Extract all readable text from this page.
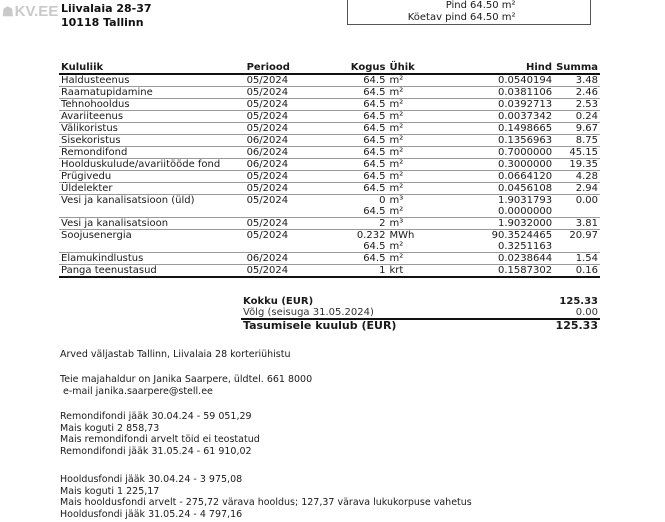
☗KV.EE Liivalaia 28-37
10118 Tallinn
Pind 64.50 m²
Köetav pind 64.50 m²
Kululiik	Periood	Kogus	Ühik	Hind	Summa
Haldusteenus	05/2024	64.5	m²	0.0540194	3.48
Raamatupidamine	05/2024	64.5	m²	0.0381106	2.46
Tehnohooldus	05/2024	64.5	m²	0.0392713	2.53
Avariiteenus	05/2024	64.5	m²	0.0037342	0.24
Välikoristus	05/2024	64.5	m²	0.1498665	9.67
Sisekoristus	06/2024	64.5	m²	0.1356963	8.75
Remondifond	06/2024	64.5	m²	0.7000000	45.15
Hoolduskulude/avariitööde fond	06/2024	64.5	m²	0.3000000	19.35
Prügivedu	05/2024	64.5	m²	0.0664120	4.28
Üldelekter	05/2024	64.5	m²	0.0456108	2.94
Vesi ja kanalisatsioon (üld)	05/2024	0	m³	1.9031793	0.00
		64.5	m²	0.0000000	
Vesi ja kanalisatsioon	05/2024	2	m³	1.9032000	3.81
Soojusenergia	05/2024	0.232	MWh	90.3524465	20.97
		64.5	m²	0.3251163	
Elamukindlustus	06/2024	64.5	m²	0.0238644	1.54
Panga teenustasud	05/2024	1	krt	0.1587302	0.16
Kokku (EUR)	125.33
Võlg (seisuga 31.05.2024)	0.00
Tasumisele kuulub (EUR)	125.33

Arved väljastab Tallinn, Liivalaia 28 korteriühistu

Teie majahaldur on Janika Saarpere, üldtel. 661 8000

e-mail janika.saarpere@stell.ee

Remondifondi jääk 30.04.24 - 59 051,29

Mais koguti 2 858,73

Mais remondifondi arvelt töid ei teostatud

Remondifondi jääk 31.05.24 - 61 910,02

Hooldusfondi jääk 30.04.24 - 3 975,08

Mais koguti 1 225,17

Mais hooldusfondi arvelt - 275,72 värava hooldus; 127,37 värava lukukorpuse vahetus

Hooldusfondi jääk 31.05.24 - 4 797,16
